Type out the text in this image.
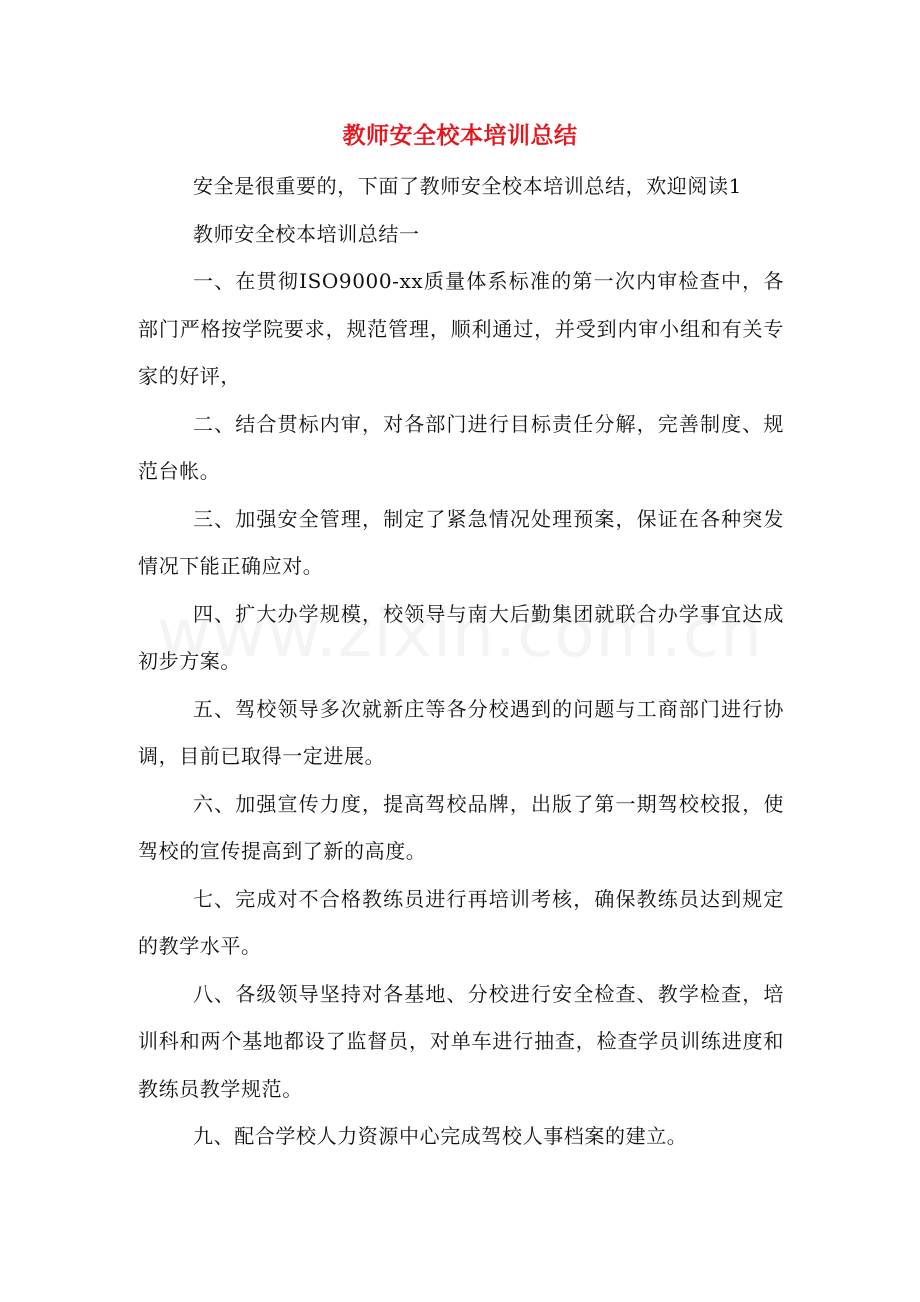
教师安全校本培训总结

安全是很重要的，下面了教师安全校本培训总结，欢迎阅读1

教师安全校本培训总结一

一、在贯彻ISO9000-xx质量体系标准的第一次内审检查中，各部门严格按学院要求，规范管理，顺利通过，并受到内审小组和有关专家的好评，

二、结合贯标内审，对各部门进行目标责任分解，完善制度、规范台帐。

三、加强安全管理，制定了紧急情况处理预案，保证在各种突发情况下能正确应对。

四、扩大办学规模，校领导与南大后勤集团就联合办学事宜达成初步方案。

五、驾校领导多次就新庄等各分校遇到的问题与工商部门进行协调，目前已取得一定进展。

六、加强宣传力度，提高驾校品牌，出版了第一期驾校校报，使驾校的宣传提高到了新的高度。

七、完成对不合格教练员进行再培训考核，确保教练员达到规定的教学水平。

八、各级领导坚持对各基地、分校进行安全检查、教学检查，培训科和两个基地都设了监督员，对单车进行抽查，检查学员训练进度和教练员教学规范。

九、配合学校人力资源中心完成驾校人事档案的建立。
